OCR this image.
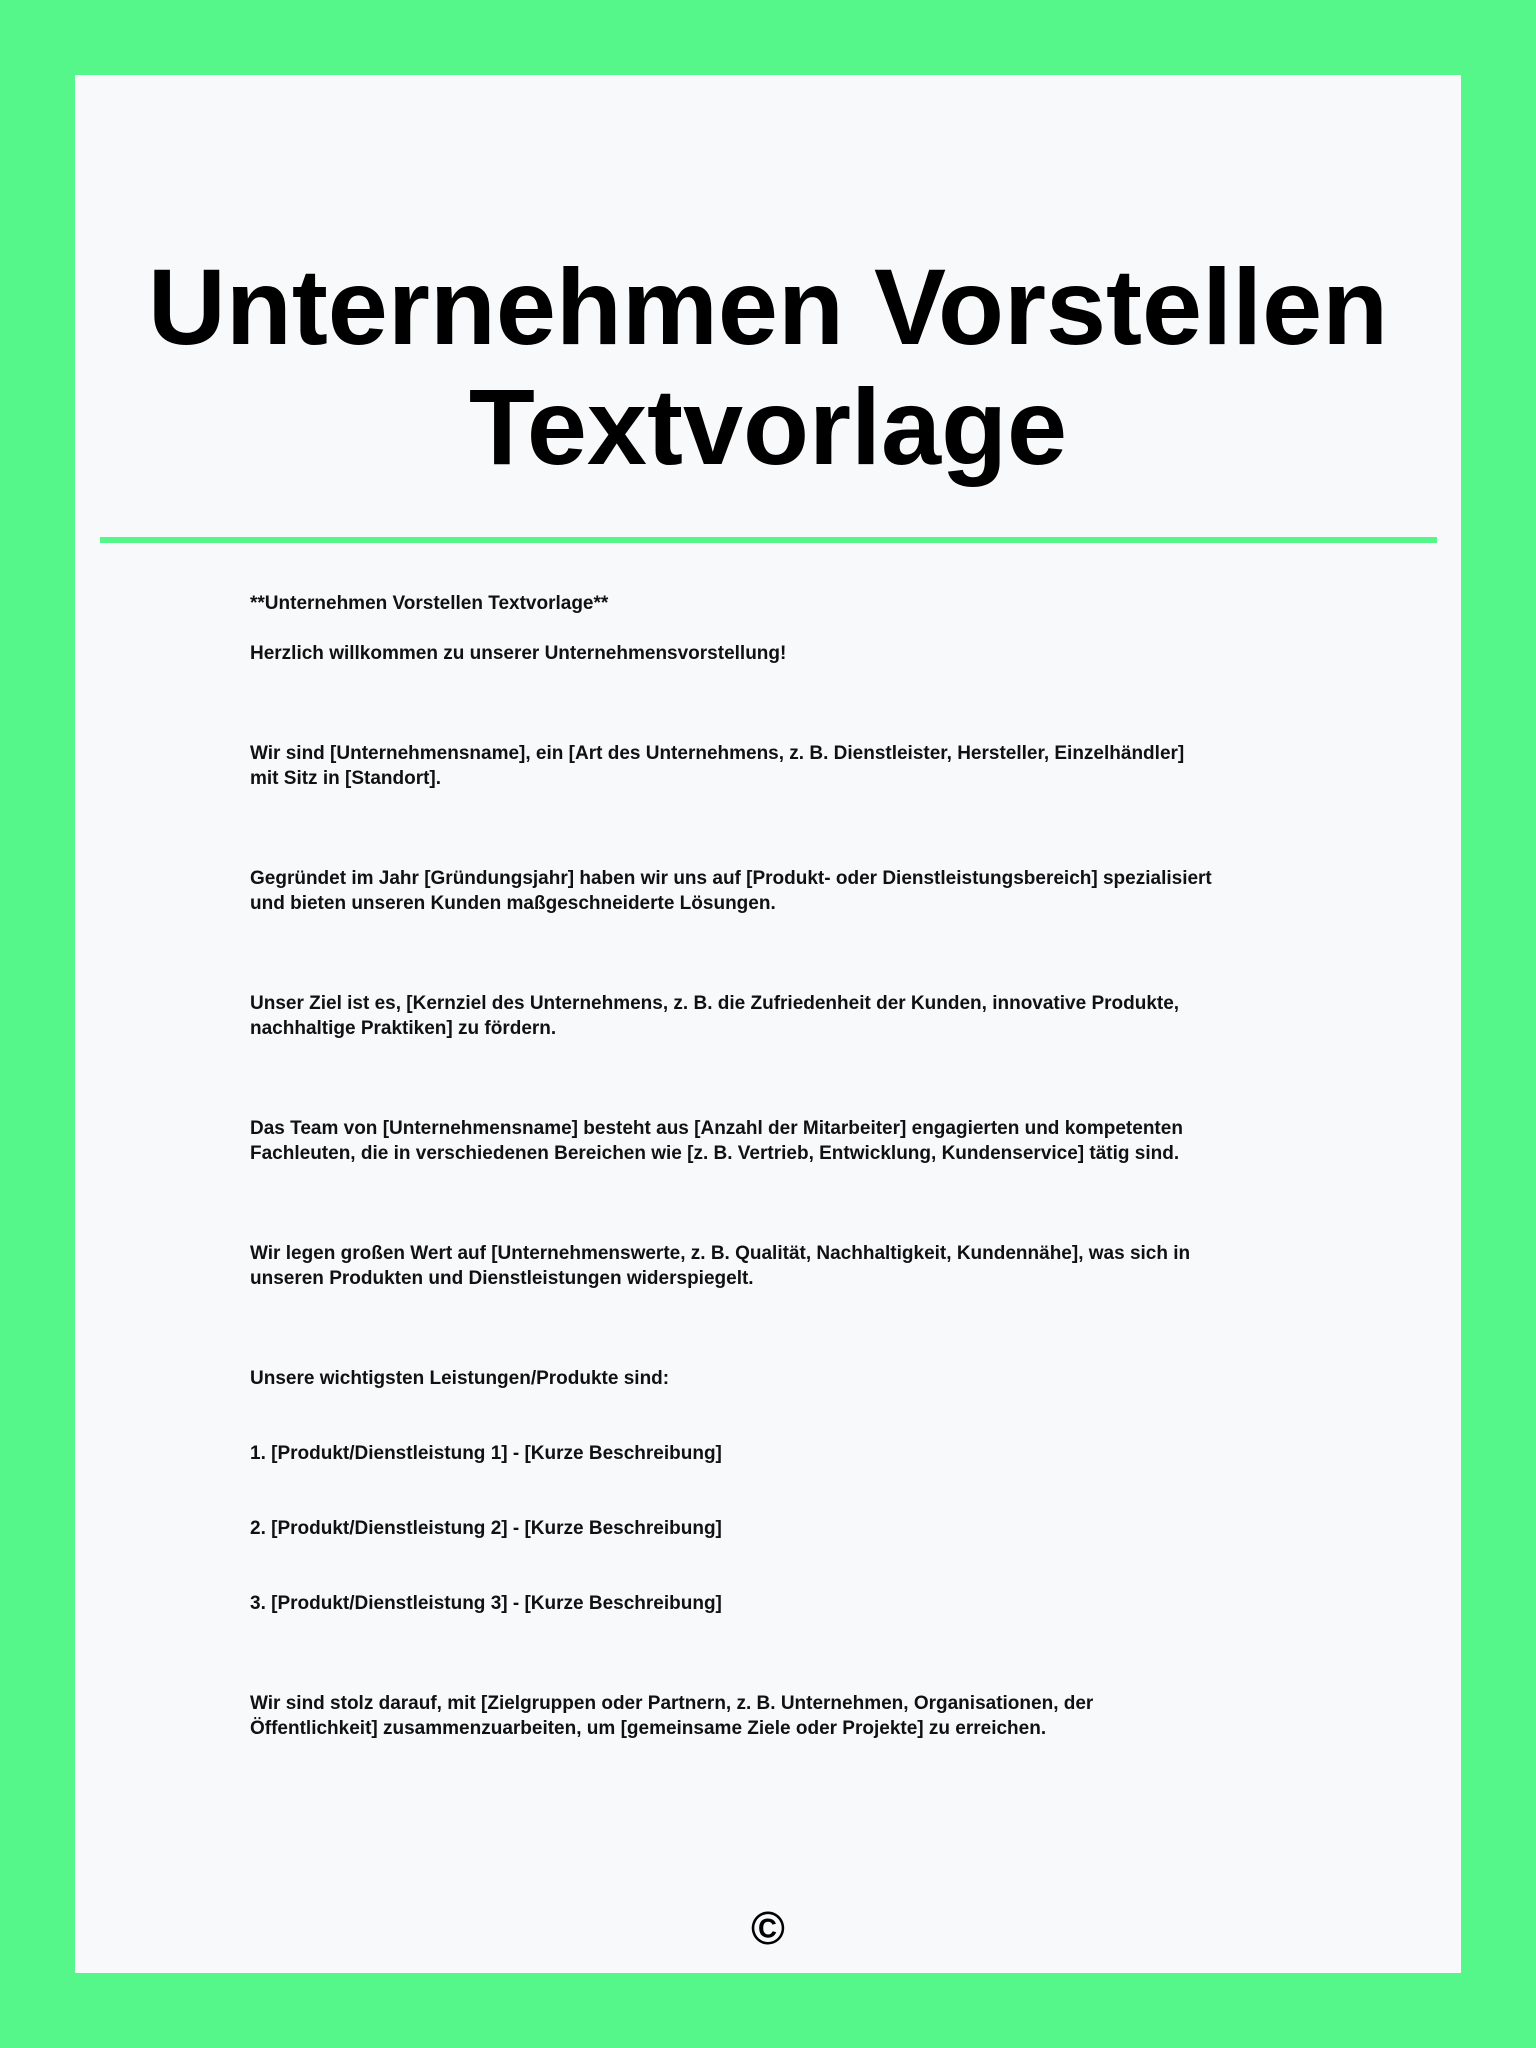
Unternehmen Vorstellen
Textvorlage

**Unternehmen Vorstellen Textvorlage**

Herzlich willkommen zu unserer Unternehmensvorstellung!

Wir sind [Unternehmensname], ein [Art des Unternehmens, z. B. Dienstleister, Hersteller, Einzelhändler]

mit Sitz in [Standort].

Gegründet im Jahr [Gründungsjahr] haben wir uns auf [Produkt- oder Dienstleistungsbereich] spezialisiert

und bieten unseren Kunden maßgeschneiderte Lösungen.

Unser Ziel ist es, [Kernziel des Unternehmens, z. B. die Zufriedenheit der Kunden, innovative Produkte,

nachhaltige Praktiken] zu fördern.

Das Team von [Unternehmensname] besteht aus [Anzahl der Mitarbeiter] engagierten und kompetenten

Fachleuten, die in verschiedenen Bereichen wie [z. B. Vertrieb, Entwicklung, Kundenservice] tätig sind.

Wir legen großen Wert auf [Unternehmenswerte, z. B. Qualität, Nachhaltigkeit, Kundennähe], was sich in

unseren Produkten und Dienstleistungen widerspiegelt.

Unsere wichtigsten Leistungen/Produkte sind:

1. [Produkt/Dienstleistung 1] - [Kurze Beschreibung]

2. [Produkt/Dienstleistung 2] - [Kurze Beschreibung]

3. [Produkt/Dienstleistung 3] - [Kurze Beschreibung]

Wir sind stolz darauf, mit [Zielgruppen oder Partnern, z. B. Unternehmen, Organisationen, der

Öffentlichkeit] zusammenzuarbeiten, um [gemeinsame Ziele oder Projekte] zu erreichen.

©
